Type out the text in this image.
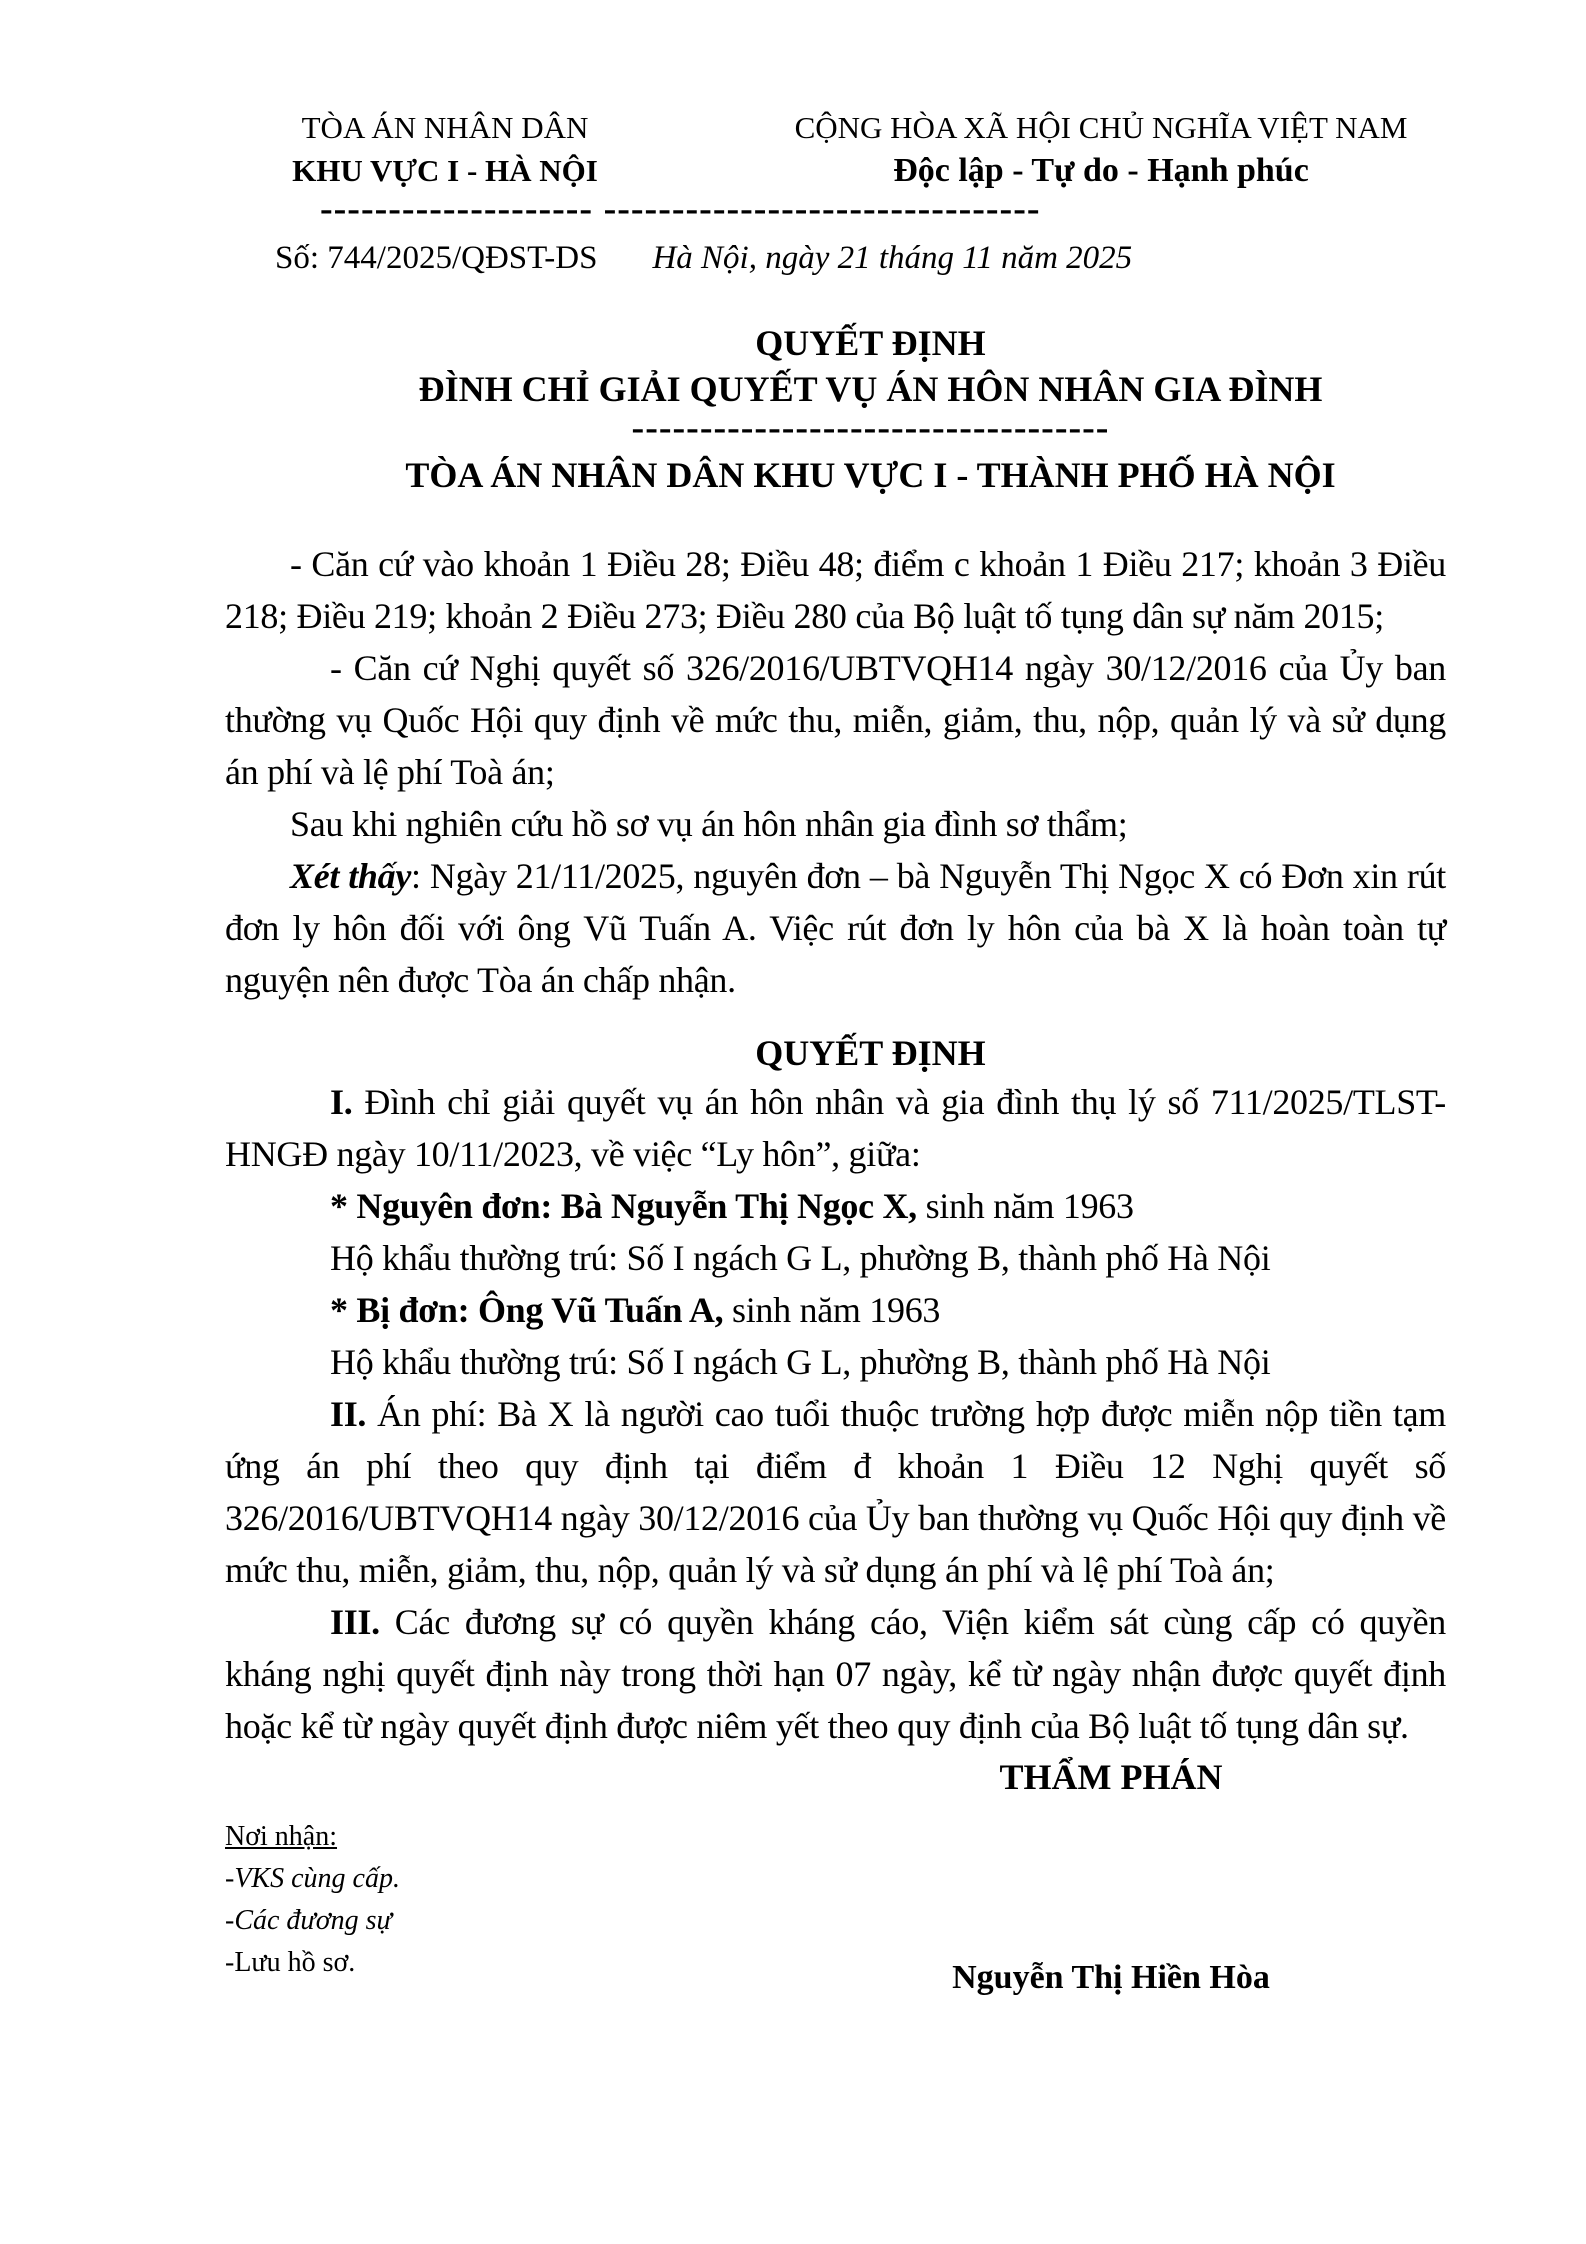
TÒA ÁN NHÂN DÂN
KHU VỰC I - HÀ NỘI
CỘNG HÒA XÃ HỘI CHỦ NGHĨA VIỆT NAM
Độc lập - Tự do - Hạnh phúc
-------------------- --------------------------------
Số: 744/2025/QĐST-DS Hà Nội, ngày 21 tháng 11 năm 2025
QUYẾT ĐỊNH
ĐÌNH CHỈ GIẢI QUYẾT VỤ ÁN HÔN NHÂN GIA ĐÌNH
-----------------------------------
TÒA ÁN NHÂN DÂN KHU VỰC I - THÀNH PHỐ HÀ NỘI

- Căn cứ vào khoản 1 Điều 28; Điều 48; điểm c khoản 1 Điều 217; khoản 3 Điều 218; Điều 219; khoản 2 Điều 273; Điều 280 của Bộ luật tố tụng dân sự năm 2015;

- Căn cứ Nghị quyết số 326/2016/UBTVQH14 ngày 30/12/2016 của Ủy ban thường vụ Quốc Hội quy định về mức thu, miễn, giảm, thu, nộp, quản lý và sử dụng án phí và lệ phí Toà án;

Sau khi nghiên cứu hồ sơ vụ án hôn nhân gia đình sơ thẩm;

Xét thấy: Ngày 21/11/2025, nguyên đơn – bà Nguyễn Thị Ngọc X có Đơn xin rút đơn ly hôn đối với ông Vũ Tuấn A. Việc rút đơn ly hôn của bà X là hoàn toàn tự nguyện nên được Tòa án chấp nhận.

QUYẾT ĐỊNH

I. Đình chỉ giải quyết vụ án hôn nhân và gia đình thụ lý số 711/2025/TLST-HNGĐ ngày 10/11/2023, về việc “Ly hôn”, giữa:

* Nguyên đơn: Bà Nguyễn Thị Ngọc X, sinh năm 1963

Hộ khẩu thường trú: Số I ngách G L, phường B, thành phố Hà Nội

* Bị đơn: Ông Vũ Tuấn A, sinh năm 1963

Hộ khẩu thường trú: Số I ngách G L, phường B, thành phố Hà Nội

II. Án phí: Bà X là người cao tuổi thuộc trường hợp được miễn nộp tiền tạm ứng án phí theo quy định tại điểm đ khoản 1 Điều 12 Nghị quyết số 326/2016/UBTVQH14 ngày 30/12/2016 của Ủy ban thường vụ Quốc Hội quy định về mức thu, miễn, giảm, thu, nộp, quản lý và sử dụng án phí và lệ phí Toà án;

III. Các đương sự có quyền kháng cáo, Viện kiểm sát cùng cấp có quyền kháng nghị quyết định này trong thời hạn 07 ngày, kể từ ngày nhận được quyết định hoặc kể từ ngày quyết định được niêm yết theo quy định của Bộ luật tố tụng dân sự.

THẨM PHÁN
Nơi nhận:
-VKS cùng cấp.
-Các đương sự
-Lưu hồ sơ.	Nguyễn Thị Hiền Hòa
